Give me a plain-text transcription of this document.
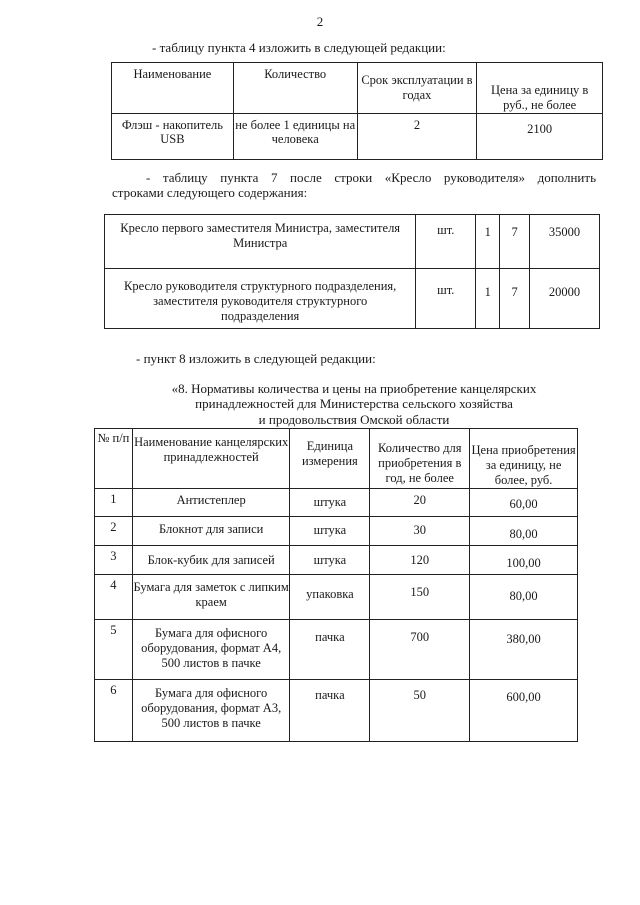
2
- таблицу пункта 4 изложить в следующей редакции:
Наименование	Количество	Срок эксплуатации в годах	Цена за единицу в руб., не более
Флэш - накопитель USB	не более 1 единицы на человека	2	2100
- таблицу пункта 7 после строки «Кресло руководителя» дополнить
строками следующего содержания:
Кресло первого заместителя Министра, заместителя Министра	шт.	1	7	35000
Кресло руководителя структурного подразделения, заместителя руководителя структурного подразделения	шт.	1	7	20000
- пункт 8 изложить в следующей редакции:
«8. Нормативы количества и цены на приобретение канцелярских
принадлежностей для Министерства сельского хозяйства
и продовольствия Омской области
№ п/п	Наименование канцелярских принадлежностей	Единица измерения	Количество для приобретения в год, не более	Цена приобретения за единицу, не более, руб.
1	Антистеплер	штука	20	60,00
2	Блокнот для записи	штука	30	80,00
3	Блок-кубик для записей	штука	120	100,00
4	Бумага для заметок с липким краем	упаковка	150	80,00
5	Бумага для офисного оборудования, формат А4, 500 листов в пачке	пачка	700	380,00
6	Бумага для офисного оборудования, формат А3, 500 листов в пачке	пачка	50	600,00
